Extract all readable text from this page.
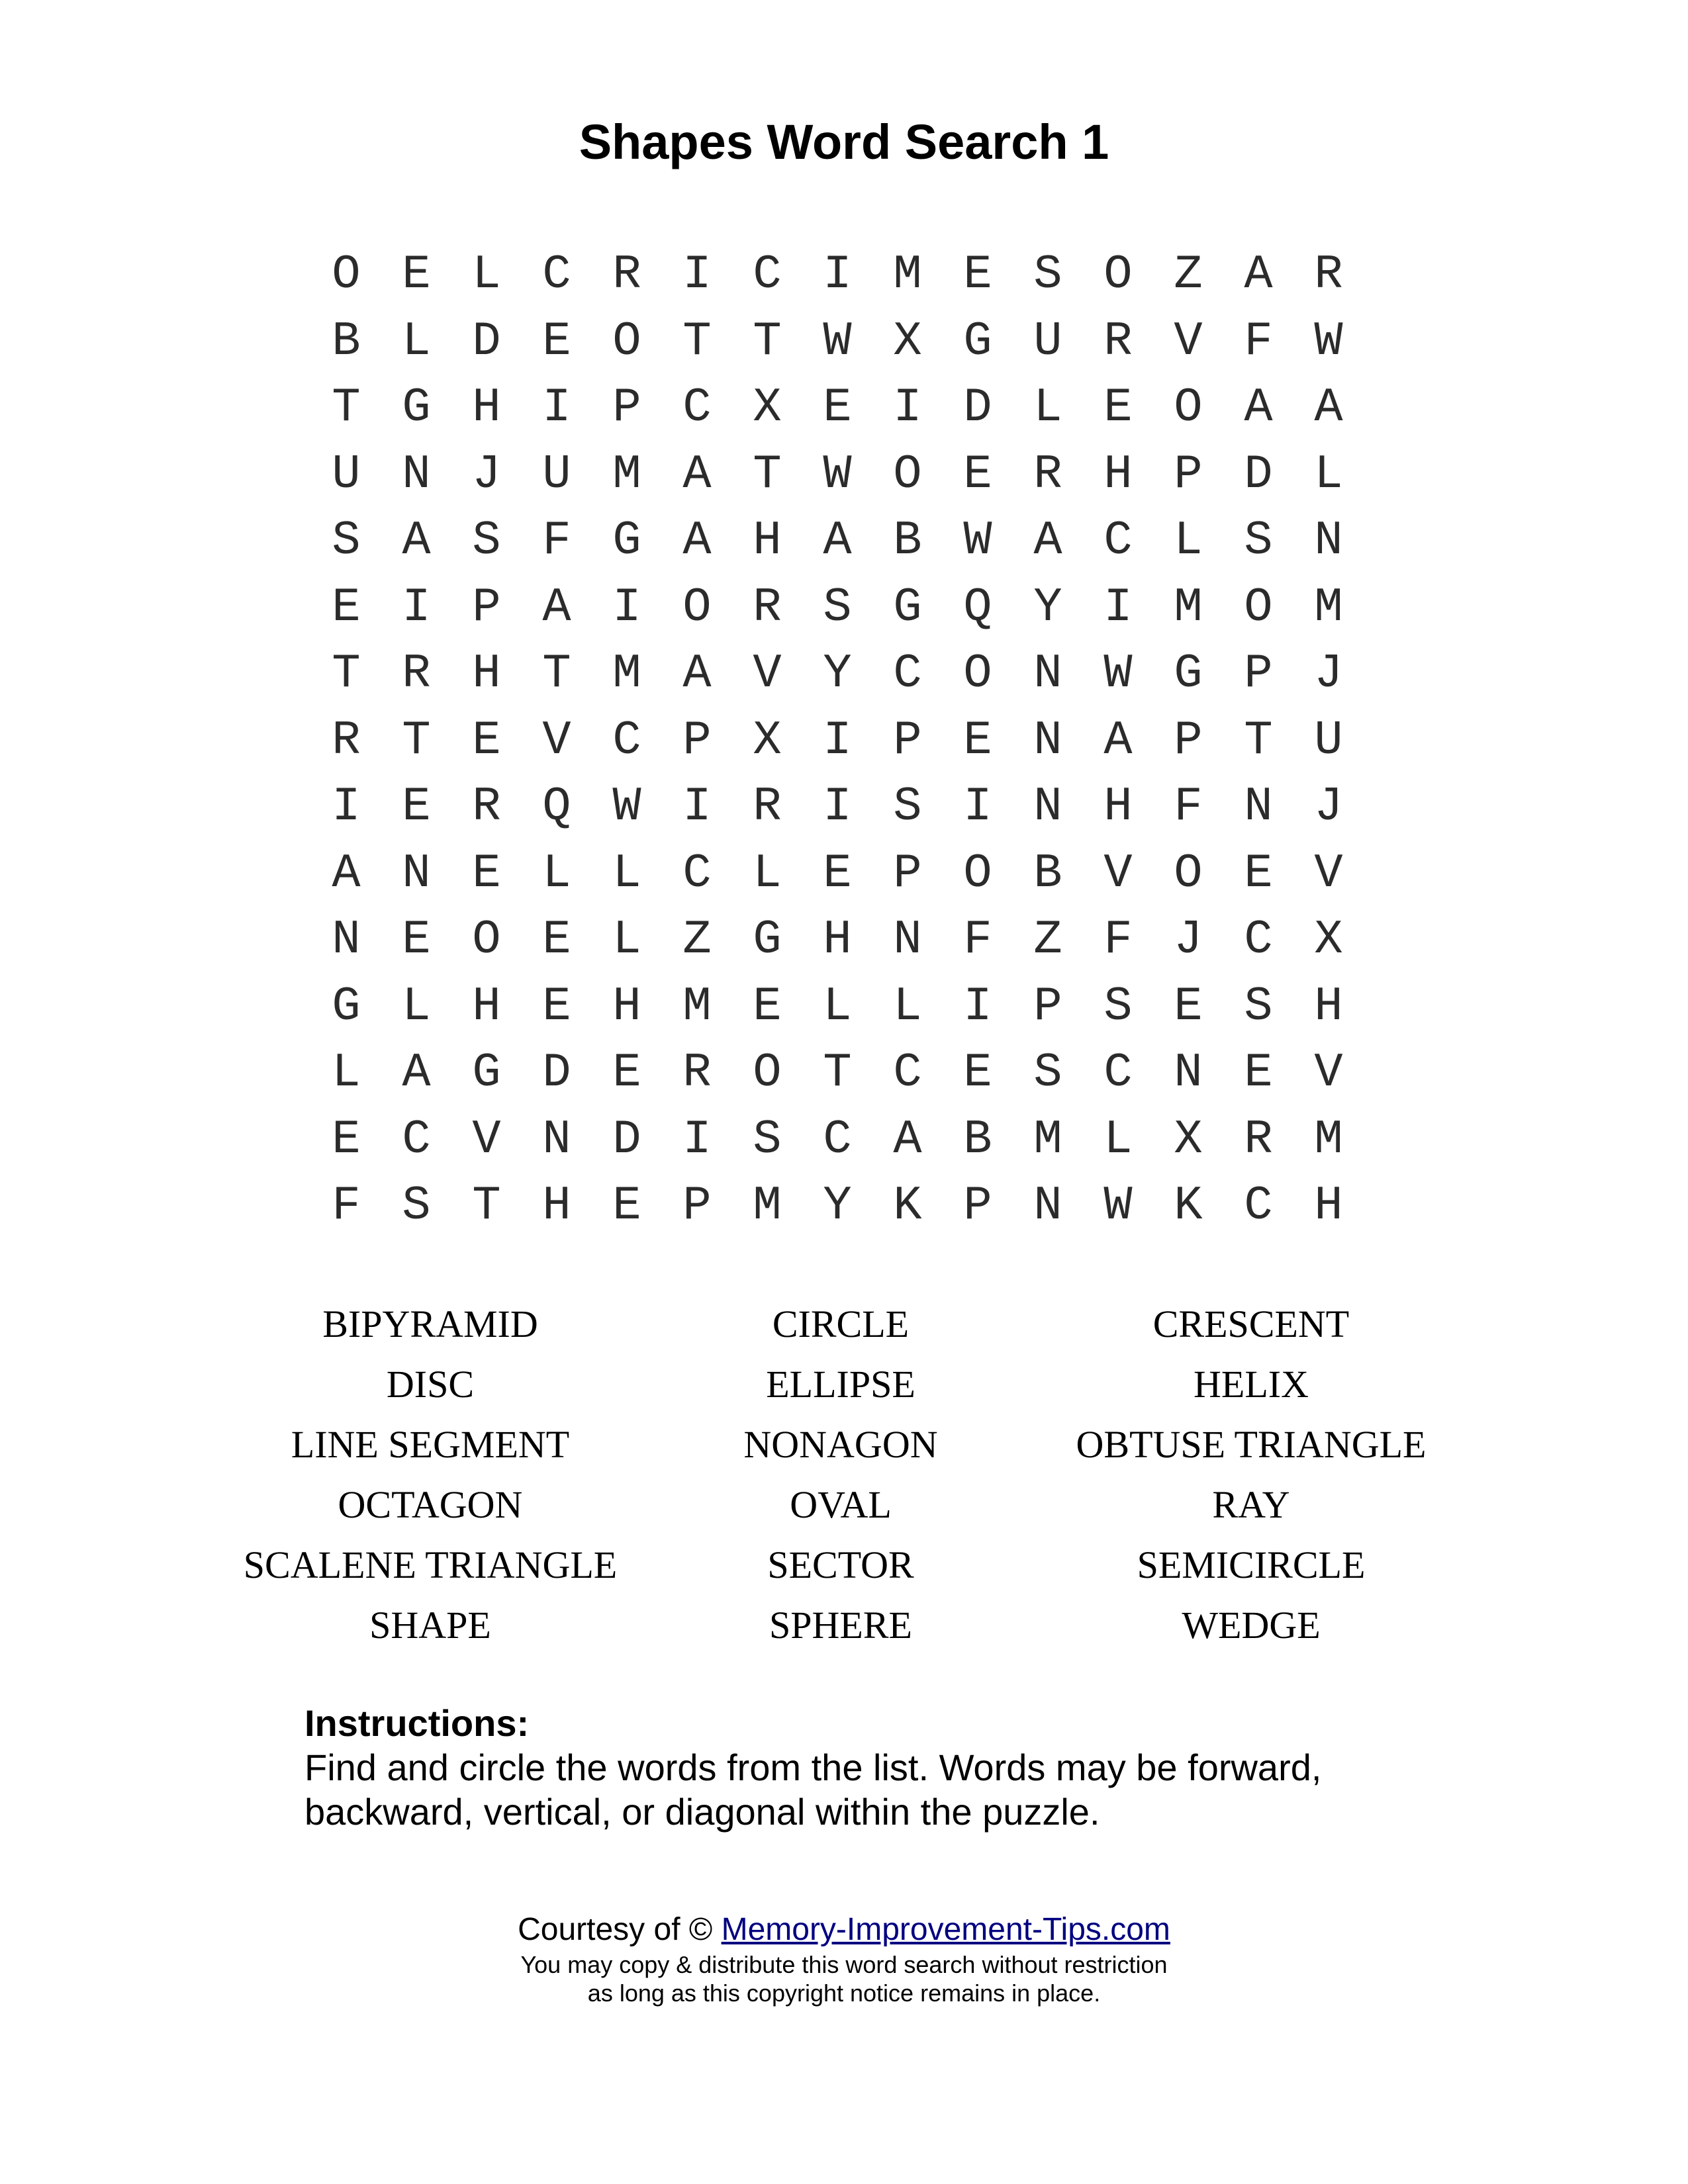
Shapes Word Search 1
O E L C R I C I M E S O Z A R
B L D E O T T W X G U R V F W
T G H I P C X E I D L E O A A
U N J U M A T W O E R H P D L
S A S F G A H A B W A C L S N
E I P A I O R S G Q Y I M O M
T R H T M A V Y C O N W G P J
R T E V C P X I P E N A P T U
I E R Q W I R I S I N H F N J
A N E L L C L E P O B V O E V
N E O E L Z G H N F Z F J C X
G L H E H M E L L I P S E S H
L A G D E R O T C E S C N E V
E C V N D I S C A B M L X R M
F S T H E P M Y K P N W K C H
BIPYRAMID	CIRCLE	CRESCENT
DISC	ELLIPSE	HELIX
LINE SEGMENT	NONAGON	OBTUSE TRIANGLE
OCTAGON	OVAL	RAY
SCALENE TRIANGLE	SECTOR	SEMICIRCLE
SHAPE	SPHERE	WEDGE
Instructions:
Find and circle the words from the list. Words may be forward, backward, vertical, or diagonal within the puzzle.
Courtesy of © Memory-Improvement-Tips.com
You may copy & distribute this word search without restriction
as long as this copyright notice remains in place.
